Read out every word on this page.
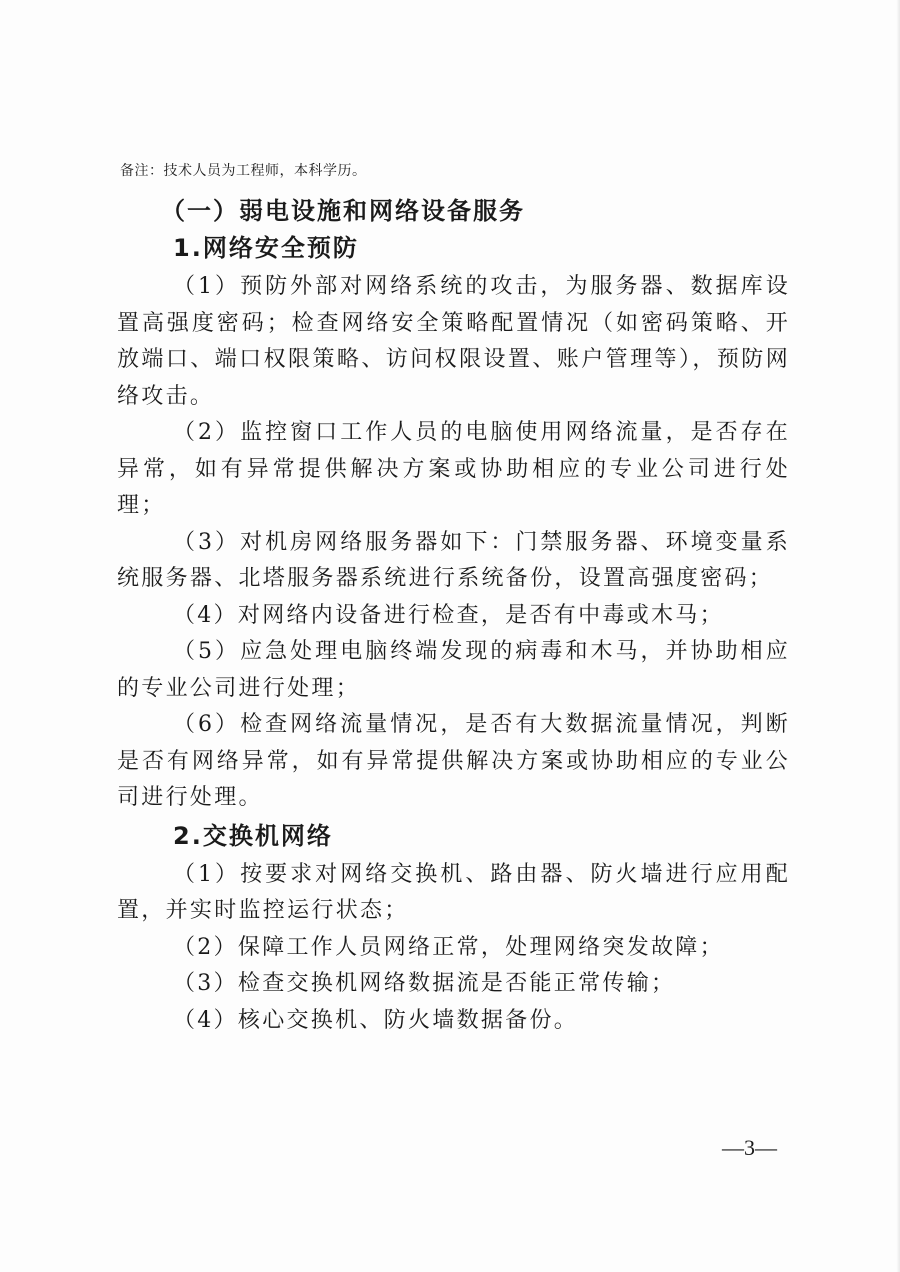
备注：技术人员为工程师，本科学历。
（一）弱电设施和网络设备服务
1.网络安全预防

（1）预防外部对网络系统的攻击，为服务器、数据库设置高强度密码；检查网络安全策略配置情况（如密码策略、开放端口、端口权限策略、访问权限设置、账户管理等），预防网络攻击。

（2）监控窗口工作人员的电脑使用网络流量，是否存在异常，如有异常提供解决方案或协助相应的专业公司进行处理；

（3）对机房网络服务器如下：门禁服务器、环境变量系统服务器、北塔服务器系统进行系统备份，设置高强度密码；

（4）对网络内设备进行检查，是否有中毒或木马；

（5）应急处理电脑终端发现的病毒和木马，并协助相应的专业公司进行处理；

（6）检查网络流量情况，是否有大数据流量情况，判断是否有网络异常，如有异常提供解决方案或协助相应的专业公司进行处理。

2.交换机网络

（1）按要求对网络交换机、路由器、防火墙进行应用配置，并实时监控运行状态；

（2）保障工作人员网络正常，处理网络突发故障；

（3）检查交换机网络数据流是否能正常传输；

（4）核心交换机、防火墙数据备份。

—3—
